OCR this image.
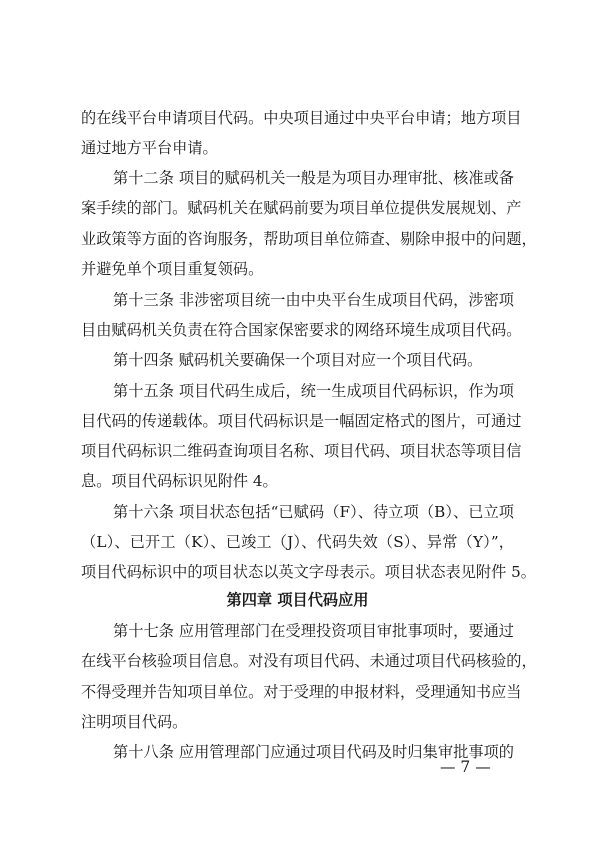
的在线平台申请项目代码。中央项目通过中央平台申请；地方项目
通过地方平台申请。
第十二条 项目的赋码机关一般是为项目办理审批、核准或备
案手续的部门。赋码机关在赋码前要为项目单位提供发展规划、产
业政策等方面的咨询服务，帮助项目单位筛查、剔除申报中的问题，
并避免单个项目重复领码。
第十三条 非涉密项目统一由中央平台生成项目代码，涉密项
目由赋码机关负责在符合国家保密要求的网络环境生成项目代码。
第十四条 赋码机关要确保一个项目对应一个项目代码。
第十五条 项目代码生成后，统一生成项目代码标识，作为项
目代码的传递载体。项目代码标识是一幅固定格式的图片，可通过
项目代码标识二维码查询项目名称、项目代码、项目状态等项目信
息。项目代码标识见附件 4。
第十六条 项目状态包括“已赋码（F）、待立项（B）、已立项
（L）、已开工（K）、已竣工（J）、代码失效（S）、异常（Y）”，
项目代码标识中的项目状态以英文字母表示。项目状态表见附件 5。
第四章 项目代码应用
第十七条 应用管理部门在受理投资项目审批事项时，要通过
在线平台核验项目信息。对没有项目代码、未通过项目代码核验的，
不得受理并告知项目单位。对于受理的申报材料，受理通知书应当
注明项目代码。
第十八条 应用管理部门应通过项目代码及时归集审批事项的
— 7 —
